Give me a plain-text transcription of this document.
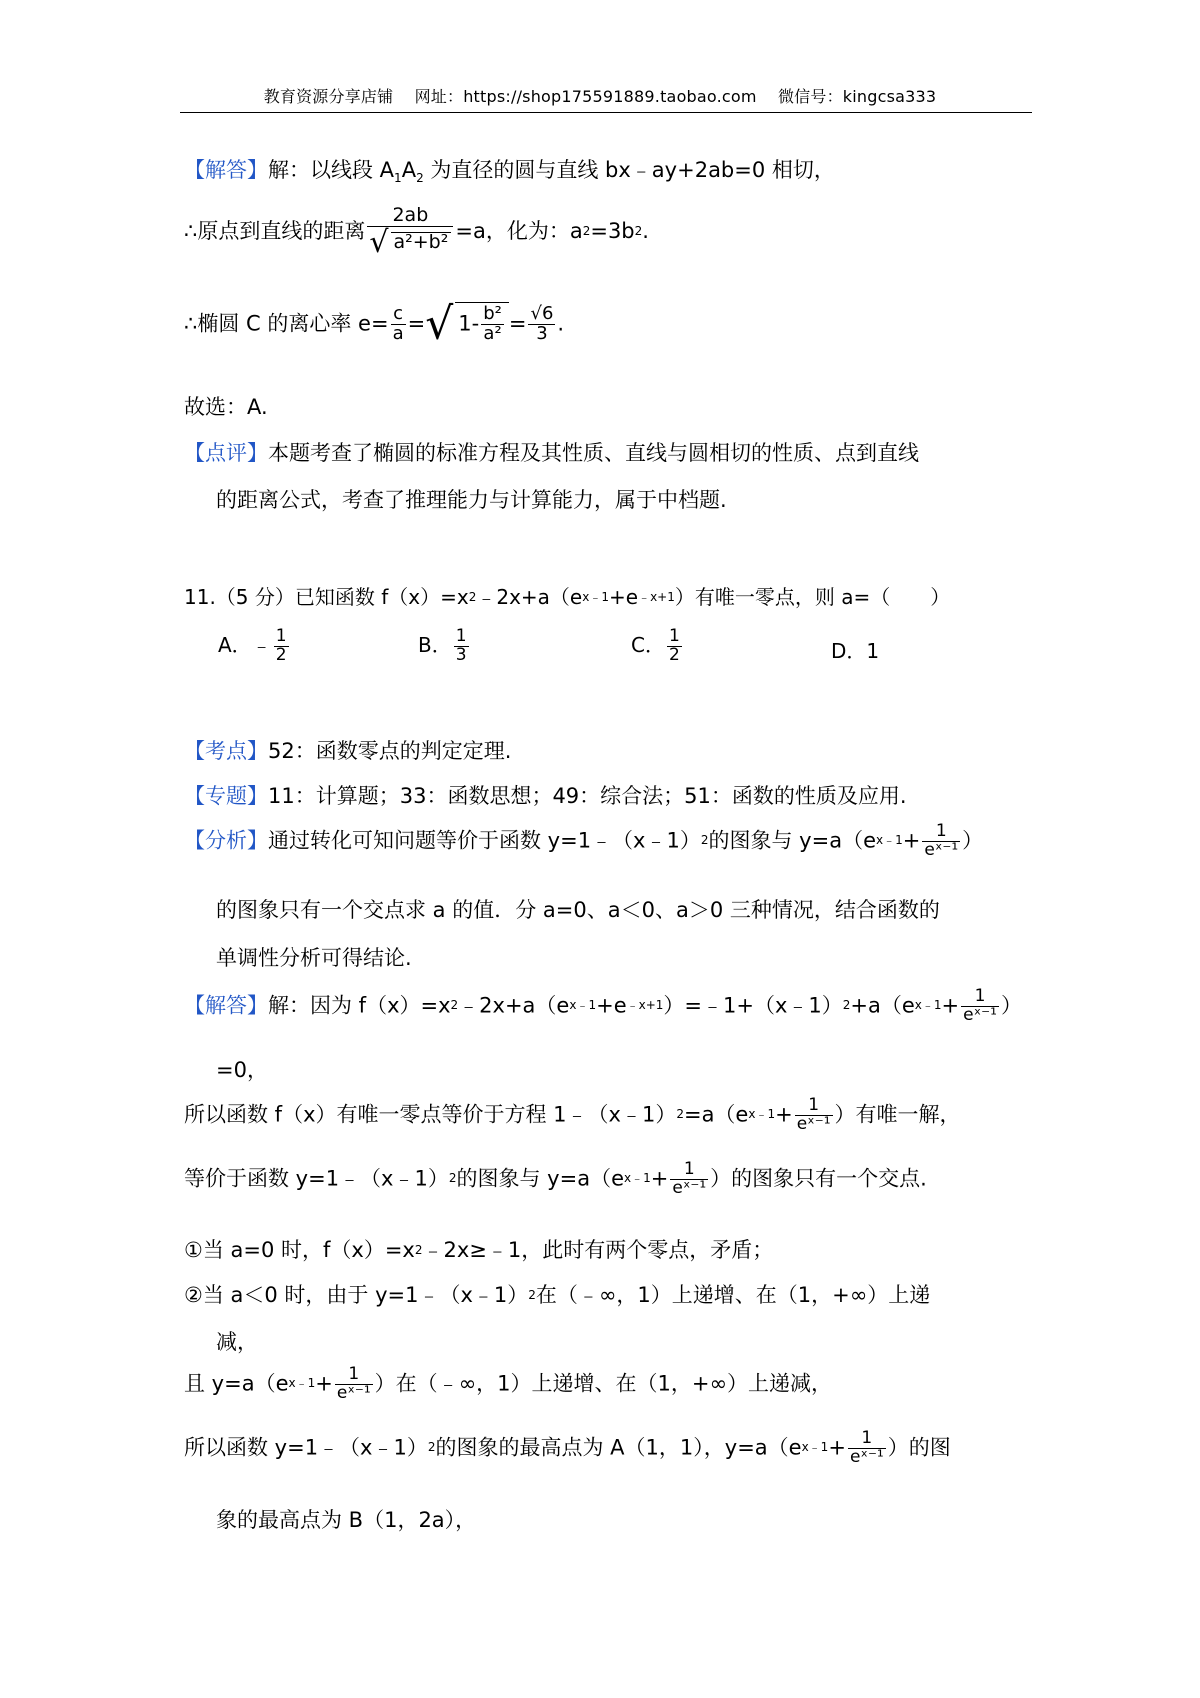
教育资源分享店铺 网址：https://shop175591889.taobao.com 微信号：kingcsa333
【解答】解：以线段 $A_1A_2$ 为直径的圆与直线 bx﹣ay+2ab=0 相切，
∴原点到直线的距离 $\frac{2ab}{\text{√ a²+b²}} =a$，化为：$a^2=3b^2$.
∴椭圆 C 的离心率 $e= \frac{c}{a}$ =√ $1- \frac{\text{b²}}{\text{a²}} = \frac{√6}{3}$ .
故选：A.
【点评】本题考查了椭圆的标准方程及其性质、直线与圆相切的性质、点到直线
的距离公式，考查了推理能力与计算能力，属于中档题.
11.（5 分）已知函数 $f(x)=x^2﹣2x+a(e^{x﹣1}+e^{﹣x+1})$有唯一零点，则 a=（　　）
A．﹣ $\frac{1}{2}$	B． $\frac{1}{3}$	C． $\frac{1}{2}$	D．1
【考点】52：函数零点的判定定理.
【专题】11：计算题；33：函数思想；49：综合法；51：函数的性质及应用.
【分析】通过转化可知问题等价于函数 y=1﹣（x﹣1）$^2$的图象与 $y=a(e^{x﹣1}+ \frac{1}{\text{eˣ⁻¹}}$ ）
的图象只有一个交点求 a 的值．分 a=0、a＜0、a＞0 三种情况，结合函数的
单调性分析可得结论.
【解答】解：因为 $f(x)=x^2﹣2x+a(e^{x﹣1}+e^{﹣x+1})=﹣1+(x﹣1)^2+a(e^{x﹣1}+ \frac{1}{\text{eˣ⁻¹}}$ ）
=0，
所以函数 f（x）有唯一零点等价于方程 $1﹣(x﹣1)^2=a(e^{x﹣1}+ \frac{1}{\text{eˣ⁻¹}}$ ）有唯一解，
等价于函数 y=1﹣（x﹣1）$^2$的图象与 $y=a(e^{x﹣1}+ \frac{1}{\text{eˣ⁻¹}}$ ）的图象只有一个交点.
①当 a=0 时，$f(x)=x^2﹣2x\ge﹣1$，此时有两个零点，矛盾；
②当 a＜0 时，由于 y=1﹣（x﹣1）$^2$在（﹣∞，1）上递增、在（1，+∞）上递
减，
且 $y=a(e^{x﹣1}+ \frac{1}{\text{eˣ⁻¹}}$ ）在（﹣∞，1）上递增、在（1，+∞）上递减，
所以函数 y=1﹣（x﹣1）$^2$的图象的最高点为 A（1，1），$y=a(e^{x﹣1}+ \frac{1}{\text{eˣ⁻¹}}$ ）的图
象的最高点为 B（1，2a），
